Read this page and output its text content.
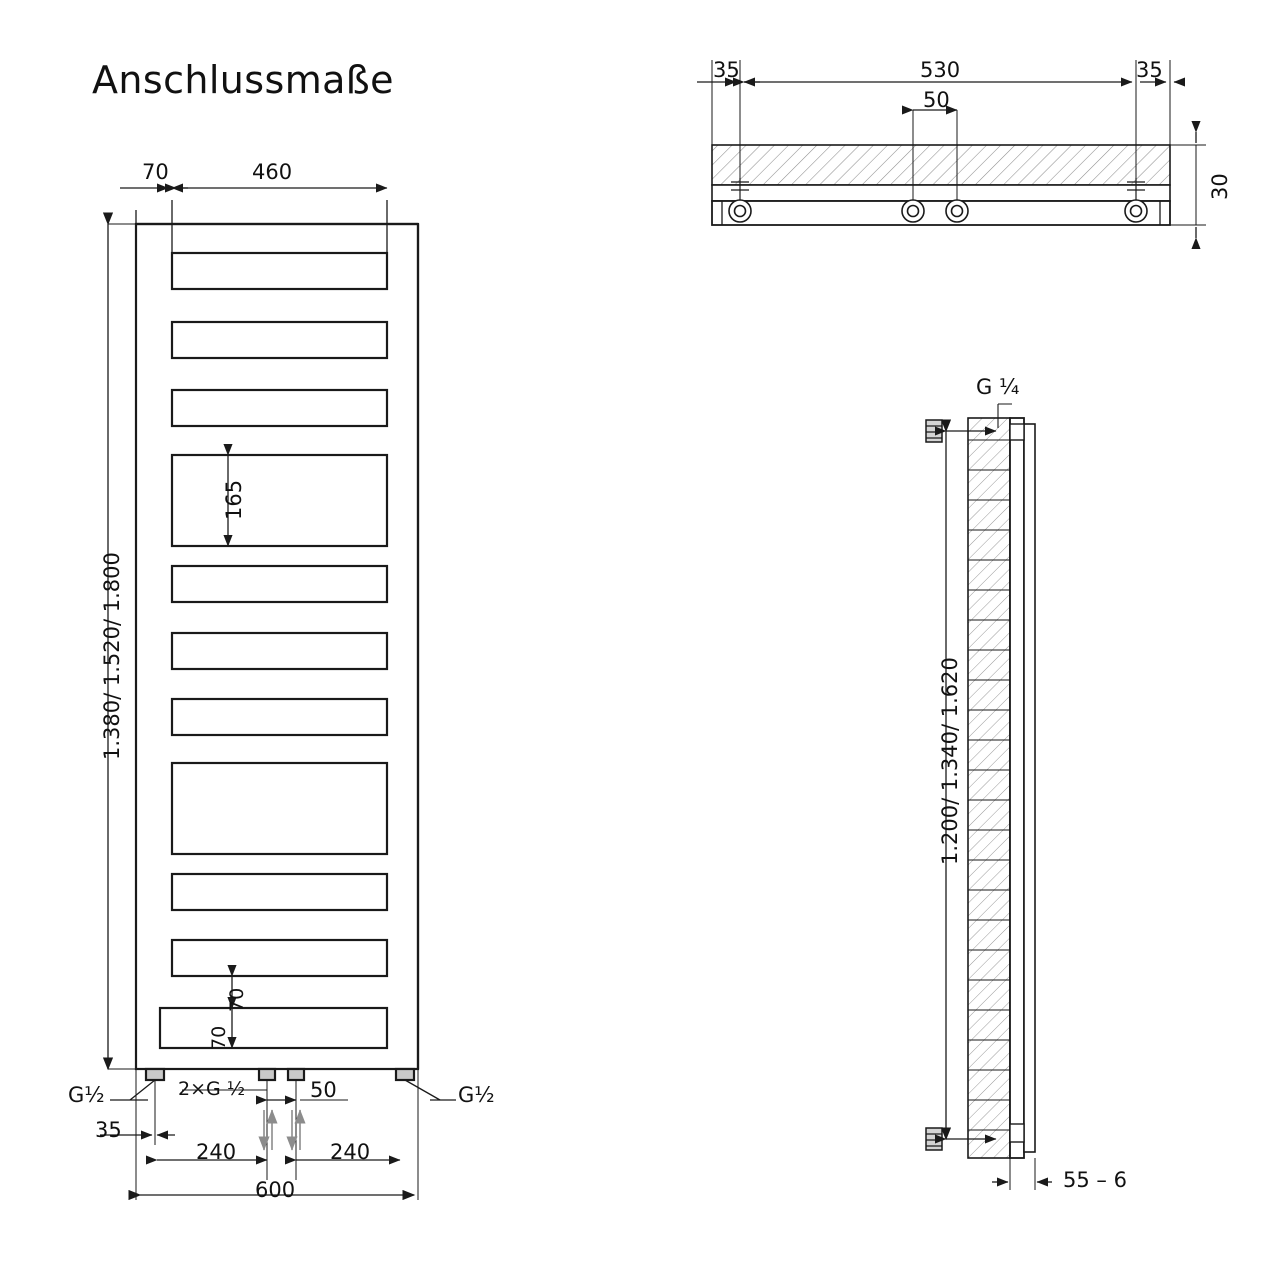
Anschlussmaße
70	460
1.380/ 1.520/ 1.800
165
70
70
G½	G½
2×G ½	50
35
240	240
600
35	530	35
50
30
G ¼
1.200/ 1.340/ 1.620
55 – 6
